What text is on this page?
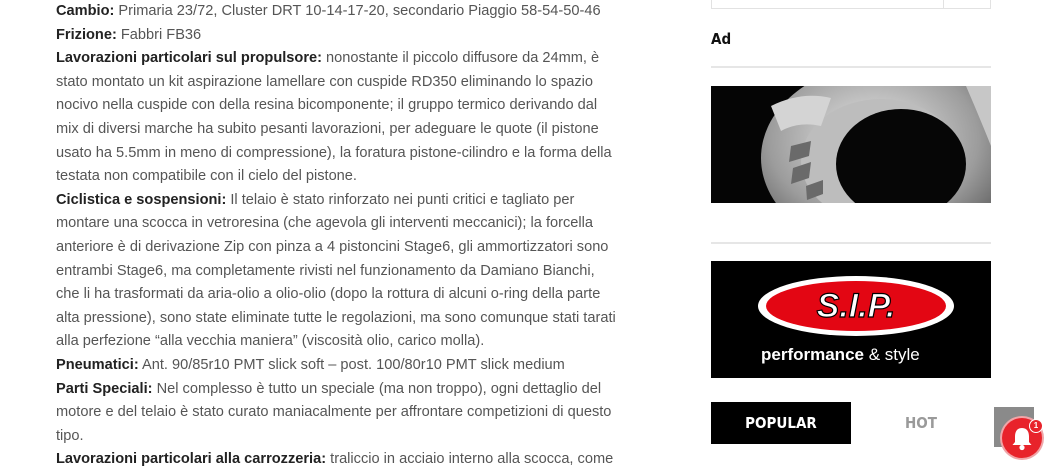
Cambio: Primaria 23/72, Cluster DRT 10-14-17-20, secondario Piaggio 58-54-50-46

Frizione: Fabbri FB36

Lavorazioni particolari sul propulsore: nonostante il piccolo diffusore da 24mm, è stato montato un kit aspirazione lamellare con cuspide RD350 eliminando lo spazio nocivo nella cuspide con della resina bicomponente; il gruppo termico derivando dal mix di diversi marche ha subito pesanti lavorazioni, per adeguare le quote (il pistone usato ha 5.5mm in meno di compressione), la foratura pistone-cilindro e la forma della testata non compatibile con il cielo del pistone.

Ciclistica e sospensioni: Il telaio è stato rinforzato nei punti critici e tagliato per montare una scocca in vetroresina (che agevola gli interventi meccanici); la forcella anteriore è di derivazione Zip con pinza a 4 pistoncini Stage6, gli ammortizzatori sono entrambi Stage6, ma completamente rivisti nel funzionamento da Damiano Bianchi, che li ha trasformati da aria-olio a olio-olio (dopo la rottura di alcuni o-ring della parte alta pressione), sono state eliminate tutte le regolazioni, ma sono comunque stati tarati alla perfezione “alla vecchia maniera” (viscosità olio, carico molla).

Pneumatici: Ant. 90/85r10 PMT slick soft – post. 100/80r10 PMT slick medium

Parti Speciali: Nel complesso è tutto un speciale (ma non troppo), ogni dettaglio del motore e del telaio è stato curato maniacalmente per affrontare competizioni di questo tipo.

Lavorazioni particolari alla carrozzeria: traliccio in acciaio interno alla scocca, come

Ad
S.I.P.
performance & style
POPULAR	HOT	1
